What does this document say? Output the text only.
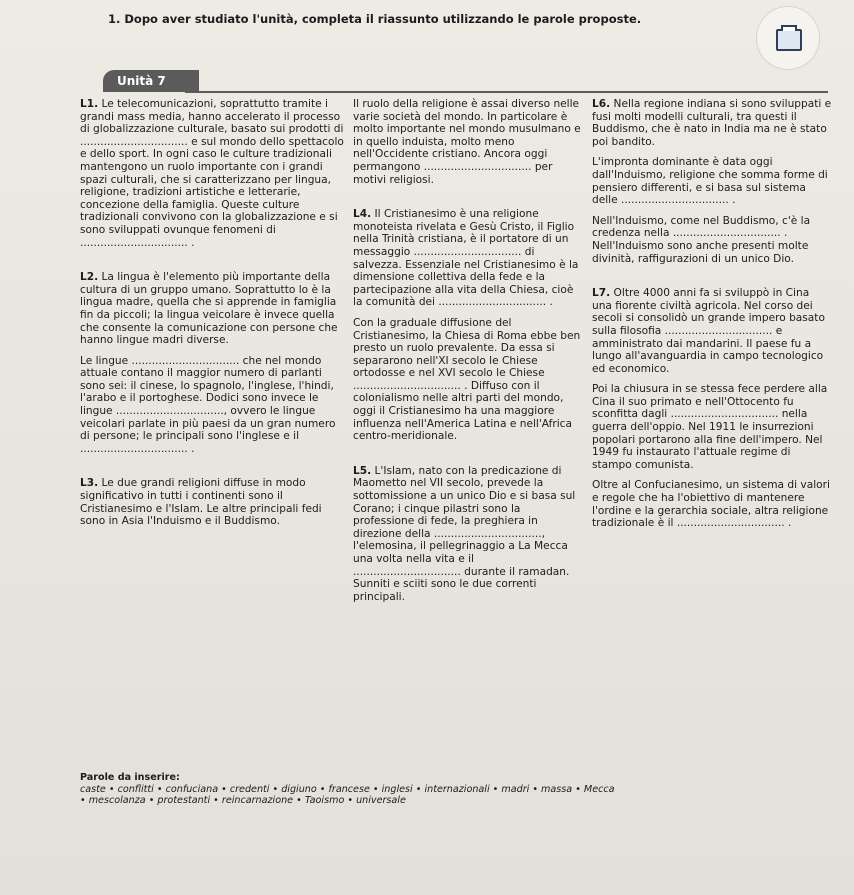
1. Dopo aver studiato l'unità, completa il riassunto utilizzando le parole proposte.
Unità 7

L1. Le telecomunicazioni, soprattutto tramite i grandi mass media, hanno accelerato il processo di globalizzazione culturale, basato sui prodotti di ................................ e sul mondo dello spettacolo e dello sport. In ogni caso le culture tradizionali mantengono un ruolo importante con i grandi spazi culturali, che si caratterizzano per lingua, religione, tradizioni artistiche e letterarie, concezione della famiglia. Queste culture tradizionali convivono con la globalizzazione e si sono sviluppati ovunque fenomeni di ................................ .

L2. La lingua è l'elemento più importante della cultura di un gruppo umano. Soprattutto lo è la lingua madre, quella che si apprende in famiglia fin da piccoli; la lingua veicolare è invece quella che consente la comunicazione con persone che hanno lingue madri diverse.

Le lingue ................................ che nel mondo attuale contano il maggior numero di parlanti sono sei: il cinese, lo spagnolo, l'inglese, l'hindi, l'arabo e il portoghese. Dodici sono invece le lingue ................................, ovvero le lingue veicolari parlate in più paesi da un gran numero di persone; le principali sono l'inglese e il ................................ .

L3. Le due grandi religioni diffuse in modo significativo in tutti i continenti sono il Cristianesimo e l'Islam. Le altre principali fedi sono in Asia l'Induismo e il Buddismo.

Il ruolo della religione è assai diverso nelle varie società del mondo. In particolare è molto importante nel mondo musulmano e in quello induista, molto meno nell'Occidente cristiano. Ancora oggi permangono ................................ per motivi religiosi.

L4. Il Cristianesimo è una religione monoteista rivelata e Gesù Cristo, il Figlio nella Trinità cristiana, è il portatore di un messaggio ................................ di salvezza. Essenziale nel Cristianesimo è la dimensione collettiva della fede e la partecipazione alla vita della Chiesa, cioè la comunità dei ................................ .

Con la graduale diffusione del Cristianesimo, la Chiesa di Roma ebbe ben presto un ruolo prevalente. Da essa si separarono nell'XI secolo le Chiese ortodosse e nel XVI secolo le Chiese ................................ . Diffuso con il colonialismo nelle altri parti del mondo, oggi il Cristianesimo ha una maggiore influenza nell'America Latina e nell'Africa centro-meridionale.

L5. L'Islam, nato con la predicazione di Maometto nel VII secolo, prevede la sottomissione a un unico Dio e si basa sul Corano; i cinque pilastri sono la professione di fede, la preghiera in direzione della ................................, l'elemosina, il pellegrinaggio a La Mecca una volta nella vita e il ................................ durante il ramadan. Sunniti e sciiti sono le due correnti principali.

L6. Nella regione indiana si sono sviluppati e fusi molti modelli culturali, tra questi il Buddismo, che è nato in India ma ne è stato poi bandito.

L'impronta dominante è data oggi dall'Induismo, religione che somma forme di pensiero differenti, e si basa sul sistema delle ................................ .

Nell'Induismo, come nel Buddismo, c'è la credenza nella ................................ . Nell'Induismo sono anche presenti molte divinità, raffigurazioni di un unico Dio.

L7. Oltre 4000 anni fa si sviluppò in Cina una fiorente civiltà agricola. Nel corso dei secoli si consolidò un grande impero basato sulla filosofia ................................ e amministrato dai mandarini. Il paese fu a lungo all'avanguardia in campo tecnologico ed economico.

Poi la chiusura in se stessa fece perdere alla Cina il suo primato e nell'Ottocento fu sconfitta dagli ................................ nella guerra dell'oppio. Nel 1911 le insurrezioni popolari portarono alla fine dell'impero. Nel 1949 fu instaurato l'attuale regime di stampo comunista.

Oltre al Confucianesimo, un sistema di valori e regole che ha l'obiettivo di mantenere l'ordine e la gerarchia sociale, altra religione tradizionale è il ................................ .

Parole da inserire:
caste • conflitti • confuciana • credenti • digiuno • francese • inglesi • internazionali • madri • massa • Mecca
• mescolanza • protestanti • reincarnazione • Taoismo • universale
